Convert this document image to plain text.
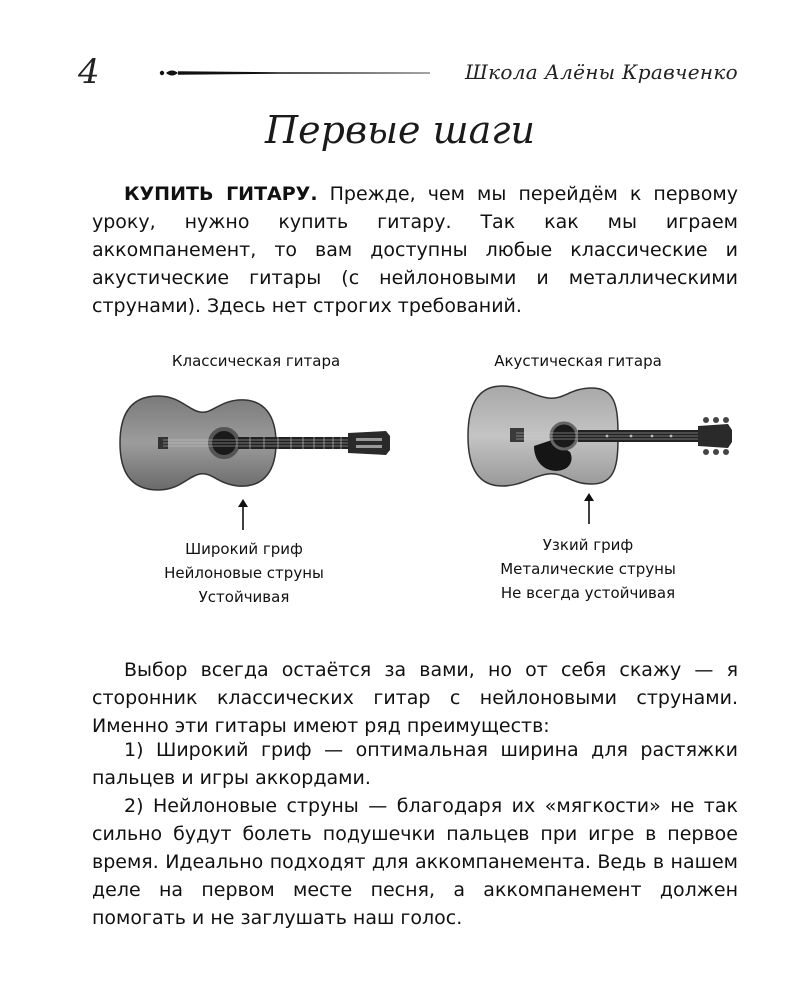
4	Школа Алёны Кравченко
Первые шаги

КУПИТЬ ГИТАРУ. Прежде, чем мы перейдём к первому уроку, нужно купить гитару. Так как мы играем аккомпанемент, то вам доступны любые классические и акустические гитары (с нейлоновыми и металлическими струнами). Здесь нет строгих требований.

Классическая гитара	Акустическая гитара
Широкий гриф
Нейлоновые струны
Устойчивая
Узкий гриф
Металические струны
Не всегда устойчивая

Выбор всегда остаётся за вами, но от себя скажу — я сторонник классических гитар с нейлоновыми струнами. Именно эти гитары имеют ряд преимуществ:

1) Широкий гриф — оптимальная ширина для растяжки пальцев и игры аккордами.

2) Нейлоновые струны — благодаря их «мягкости» не так сильно будут болеть подушечки пальцев при игре в первое время. Идеально подходят для аккомпанемента. Ведь в нашем деле на первом месте песня, а аккомпанемент должен помогать и не заглушать наш голос.
